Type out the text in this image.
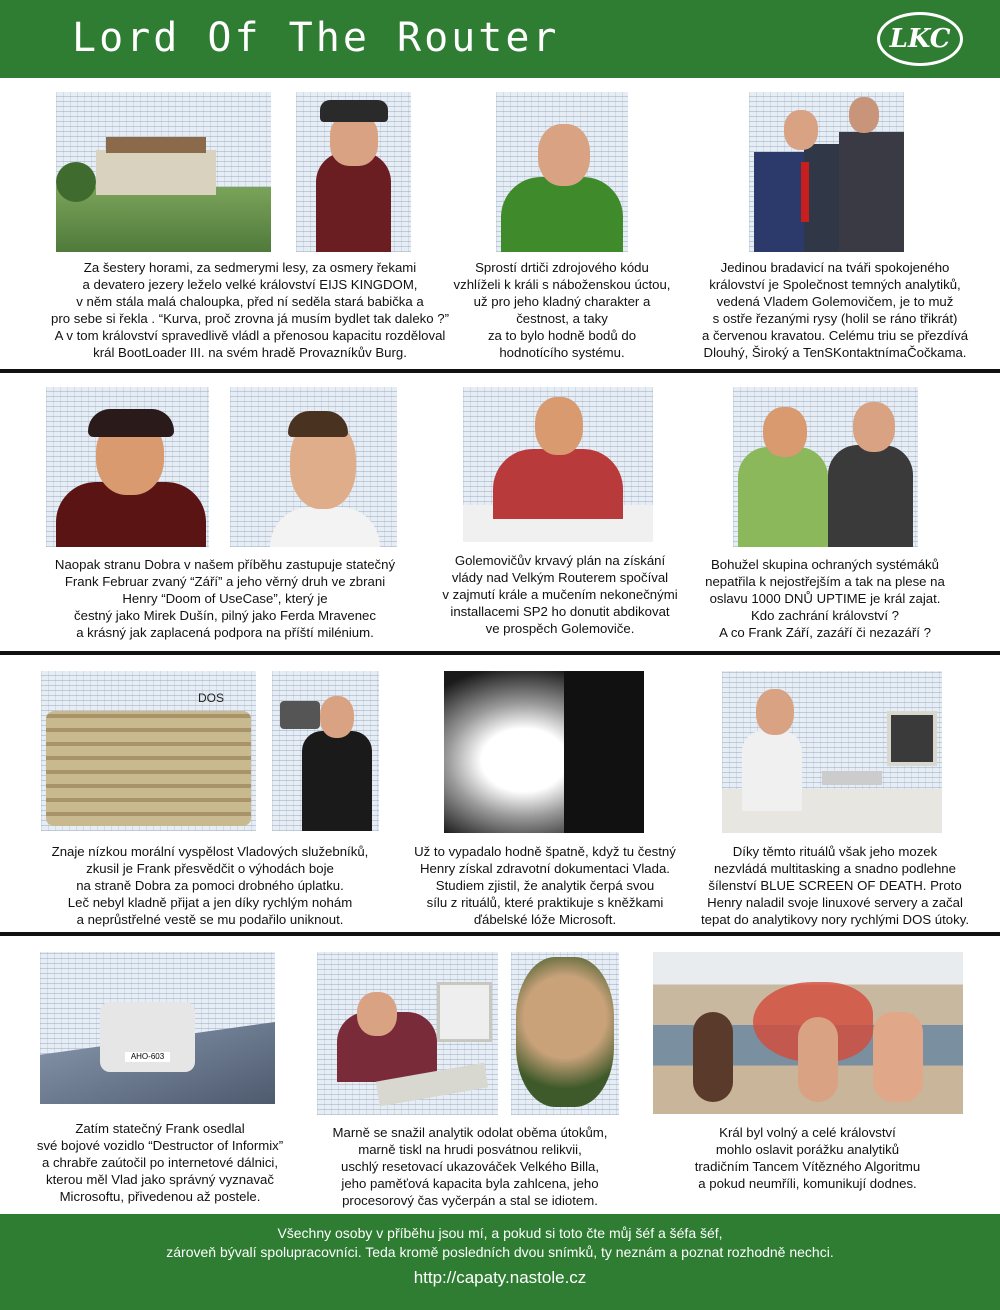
Lord Of The Router	LKC
Za šestery horami, za sedmerymi lesy, za osmery řekami
a devatero jezery leželo velké království EIJS KINGDOM,
v něm stála malá chaloupka, před ní seděla stará babička a
pro sebe si řekla . “Kurva, proč zrovna já musím bydlet tak daleko ?”
A v tom království spravedlivě vládl a přenosou kapacitu rozděloval
král BootLoader III. na svém hradě Provazníkův Burg.
Sprostí drtiči zdrojového kódu
vzhlíželi k králi s náboženskou úctou,
už pro jeho kladný charakter a
čestnost, a taky
za to bylo hodně bodů do
hodnotícího systému.
Jedinou bradavicí na tváři spokojeného
království je Společnost temných analytiků,
vedená Vladem Golemovičem, je to muž
s ostře řezanými rysy (holil se ráno třikrát)
a červenou kravatou. Celému triu se přezdívá
Dlouhý, Široký a TenSKontaktnímaČočkama.
Naopak stranu Dobra v našem příběhu zastupuje statečný
Frank Februar zvaný “Září” a jeho věrný druh ve zbrani
Henry “Doom of UseCase”, který je
čestný jako Mirek Dušín, pilný jako Ferda Mravenec
a krásný jak zaplacená podpora na příští milénium.
Golemovičův krvavý plán na získání
vlády nad Velkým Routerem spočíval
v zajmutí krále a mučením nekonečnými
installacemi SP2 ho donutit abdikovat
ve prospěch Golemoviče.
Bohužel skupina ochraných systémáků
nepatřila k nejostřejším a tak na plese na
oslavu 1000 DNŮ UPTIME je král zajat.
Kdo zachrání království ?
A co Frank Září, zazáří či nezazáří ?
DOS
Znaje nízkou morální vyspělost Vladových služebníků,
zkusil je Frank přesvědčit o výhodách boje
na straně Dobra za pomoci drobného úplatku.
Leč nebyl kladně přijat a jen díky rychlým nohám
a neprůstřelné vestě se mu podařilo uniknout.
Už to vypadalo hodně špatně, když tu čestný
Henry získal zdravotní dokumentaci Vlada.
Studiem zjistil, že analytik čerpá svou
sílu z rituálů, které praktikuje s kněžkami
ďábelské lóže Microsoft.
Díky těmto rituálů však jeho mozek
nezvládá multitasking a snadno podlehne
šílenství BLUE SCREEN OF DEATH. Proto
Henry naladil svoje linuxové servery a začal
tepat do analytikovy nory rychlými DOS útoky.
AHO-603
Zatím statečný Frank osedlal
své bojové vozidlo “Destructor of Informix”
a chrabře zaútočil po internetové dálnici,
kterou měl Vlad jako správný vyznavač
Microsoftu, přivedenou až postele.
Marně se snažil analytik odolat oběma útokům,
marně tiskl na hrudi posvátnou relikvii,
uschlý resetovací ukazováček Velkého Billa,
jeho paměťová kapacita byla zahlcena, jeho
procesorový čas vyčerpán a stal se idiotem.
Král byl volný a celé království
mohlo oslavit porážku analytiků
tradičním Tancem Vítězného Algoritmu
a pokud neumříli, komunikují dodnes.
Všechny osoby v příběhu jsou mí, a pokud si toto čte můj šéf a šéfa šéf,
zároveň bývalí spolupracovníci. Teda kromě posledních dvou snímků, ty neznám a poznat rozhodně nechci.
http://capaty.nastole.cz
